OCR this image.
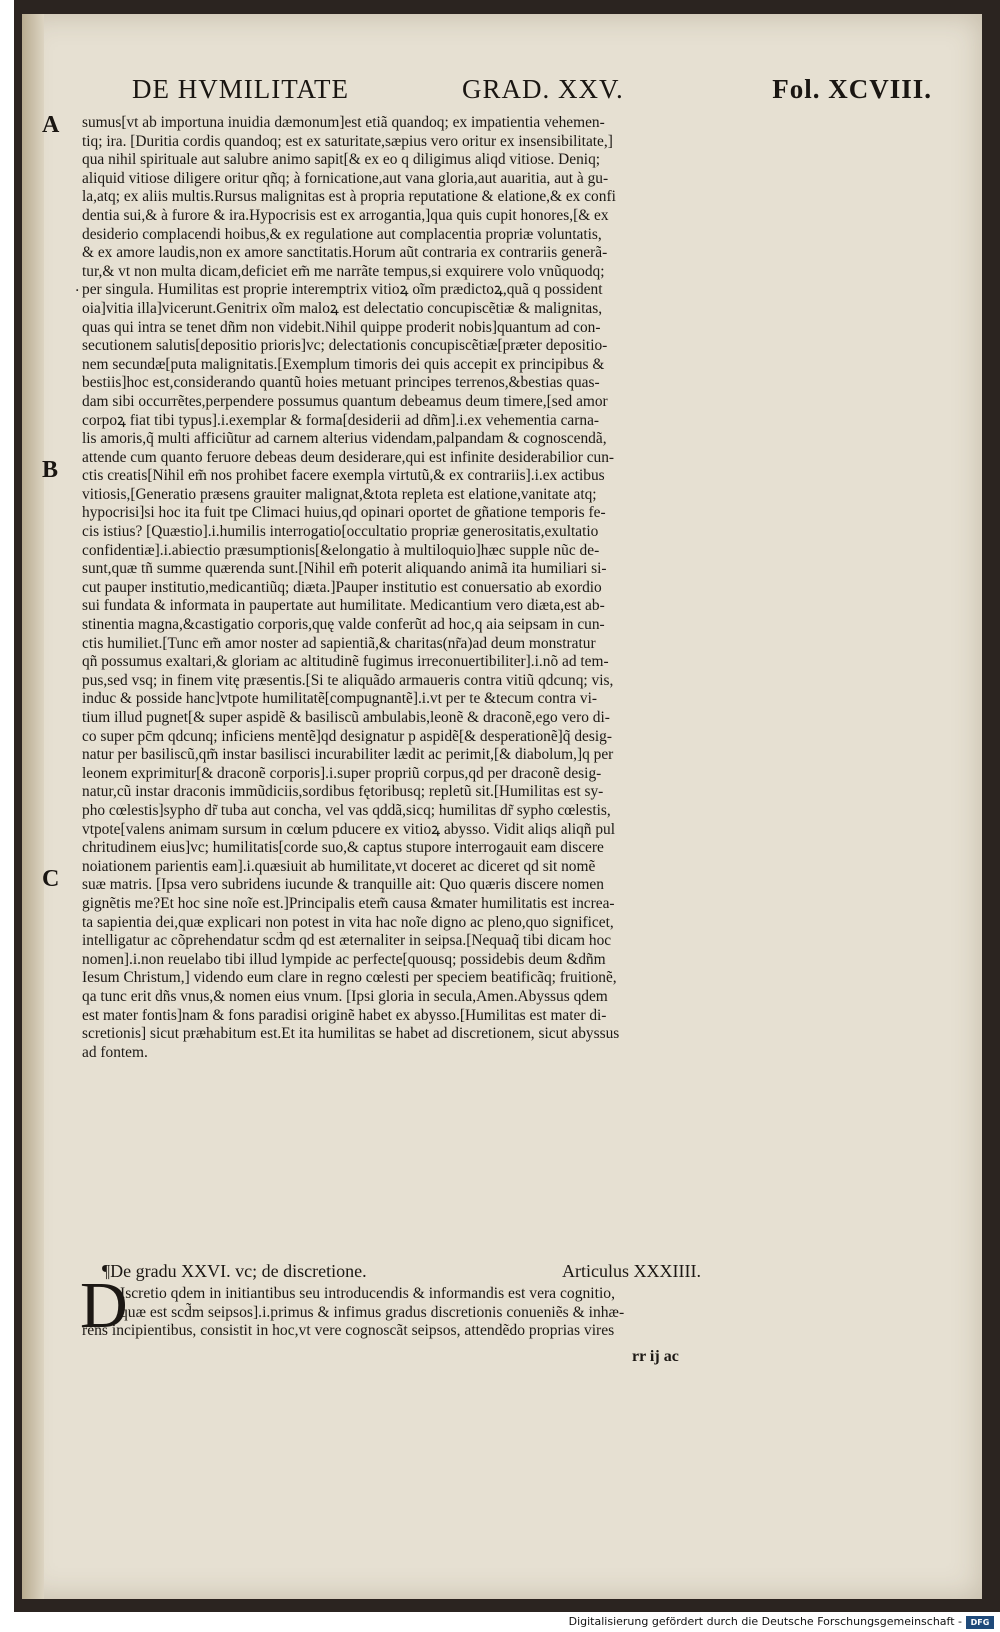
DE HVMILITATE	GRAD. XXV.	Fol. XCVIII.
A
B
C
·
sumus[vt ab importuna inuidia dæmonum]est etiã quandoq; ex impatientia vehemen-
tiq; ira. [Duritia cordis quandoq; est ex saturitate,sæpius vero oritur ex insensibilitate,]
qua nihil spirituale aut salubre animo sapit[& ex eo q diligimus aliqd vitiose. Deniq;
aliquid vitiose diligere oritur qñq; à fornicatione,aut vana gloria,aut auaritia, aut à gu-
la,atq; ex aliis multis.Rursus malignitas est à propria reputatione & elatione,& ex confi
dentia sui,& à furore & ira.Hypocrisis est ex arrogantia,]qua quis cupit honores,[& ex
desiderio complacendi hoibus,& ex regulatione aut complacentia propriæ voluntatis,
& ex amore laudis,non ex amore sanctitatis.Horum aũt contraria ex contrariis generã-
tur,& vt non multa dicam,deficiet em̃ me narrãte tempus,si exquirere volo vnũquodq;
per singula. Humilitas est proprie interemptrix vitioꝝ oĩm prædictoꝝ,quã q possident
oia]vitia illa]vicerunt.Genitrix oĩm maloꝝ est delectatio concupiscẽtiæ & malignitas,
quas qui intra se tenet dñm non videbit.Nihil quippe proderit nobis]quantum ad con-
secutionem salutis[depositio prioris]vc; delectationis concupiscẽtiæ[præter depositio-
nem secundæ[puta malignitatis.[Exemplum timoris dei quis accepit ex principibus &
bestiis]hoc est,considerando quantũ hoies metuant principes terrenos,&bestias quas-
dam sibi occurrẽtes,perpendere possumus quantum debeamus deum timere,[sed amor
corpoꝝ fiat tibi typus].i.exemplar & forma[desiderii ad dñm].i.ex vehementia carna-
lis amoris,q̃ multi afficiũtur ad carnem alterius videndam,palpandam & cognoscendã,
attende cum quanto feruore debeas deum desiderare,qui est infinite desiderabilior cun-
ctis creatis[Nihil em̃ nos prohibet facere exempla virtutũ,& ex contrariis].i.ex actibus
vitiosis,[Generatio præsens grauiter malignat,&tota repleta est elatione,vanitate atq;
hypocrisi]si hoc ita fuit tpe Climaci huius,qd opinari oportet de gñatione temporis fe-
cis istius? [Quæstio].i.humilis interrogatio[occultatio propriæ generositatis,exultatio
confidentiæ].i.abiectio præsumptionis[&elongatio à multiloquio]hæc supple nũc de-
sunt,quæ tñ summe quærenda sunt.[Nihil em̃ poterit aliquando animã ita humiliari si-
cut pauper institutio,medicantiũq; diæta.]Pauper institutio est conuersatio ab exordio
sui fundata & informata in paupertate aut humilitate. Medicantium vero diæta,est ab-
stinentia magna,&castigatio corporis,quę valde conferũt ad hoc,q aia seipsam in cun-
ctis humiliet.[Tunc em̃ amor noster ad sapientiã,& charitas(nr̃a)ad deum monstratur
qñ possumus exaltari,& gloriam ac altitudinẽ fugimus irreconuertibiliter].i.nõ ad tem-
pus,sed vsq; in finem vitę præsentis.[Si te aliquãdo armaueris contra vitiũ qdcunq; vis,
induc & posside hanc]vtpote humilitatẽ[compugnantẽ].i.vt per te &tecum contra vi-
tium illud pugnet[& super aspidẽ & basiliscũ ambulabis,leonẽ & draconẽ,ego vero di-
co super pc̄m qdcunq; inficiens mentẽ]qd designatur p aspidẽ[& desperationẽ]q̃ desig-
natur per basiliscũ,qm̃ instar basilisci incurabiliter lædit ac perimit,[& diabolum,]q per
leonem exprimitur[& draconẽ corporis].i.super propriũ corpus,qd per draconẽ desig-
natur,cũ instar draconis immũdiciis,sordibus fętoribusq; repletũ sit.[Humilitas est sy-
pho cœlestis]sypho dr̃ tuba aut concha, vel vas qddã,sicq; humilitas dr̃ sypho cœlestis,
vtpote[valens animam sursum in cœlum pducere ex vitioꝝ abysso. Vidit aliqs aliqñ pul
chritudinem eius]vc; humilitatis[corde suo,& captus stupore interrogauit eam discere
noiationem parientis eam].i.quæsiuit ab humilitate,vt doceret ac diceret qd sit nomẽ
suæ matris. [Ipsa vero subridens iucunde & tranquille ait: Quo quæris discere nomen
gignẽtis me?Et hoc sine noĩe est.]Principalis etem̃ causa &mater humilitatis est increa-
ta sapientia dei,quæ explicari non potest in vita hac noĩe digno ac pleno,quo significet,
intelligatur ac cõprehendatur scd̃m qd est æternaliter in seipsa.[Nequaq̃ tibi dicam hoc
nomen].i.non reuelabo tibi illud lympide ac perfecte[quousq; possidebis deum &dñm
Iesum Christum,] videndo eum clare in regno cœlesti per speciem beatificãq; fruitionẽ,
qa tunc erit dñs vnus,& nomen eius vnum. [Ipsi gloria in secula,Amen.Abyssus qdem
est mater fontis]nam & fons paradisi originẽ habet ex abysso.[Humilitas est mater di-
scretionis] sicut præhabitum est.Et ita humilitas se habet ad discretionem, sicut abyssus
ad fontem.
¶De gradu XXVI. vc; de discretione.	Articulus XXXIIII.
D
Iscretio qdem in initiantibus seu introducendis & informandis est vera cognitio,
quæ est scd̃m seipsos].i.primus & infimus gradus discretionis conueniẽs & inhæ-
rens incipientibus, consistit in hoc,vt vere cognoscãt seipsos, attendẽdo proprias vires
rr ij ac
Digitalisierung gefördert durch die Deutsche Forschungsgemeinschaft -	DFG
